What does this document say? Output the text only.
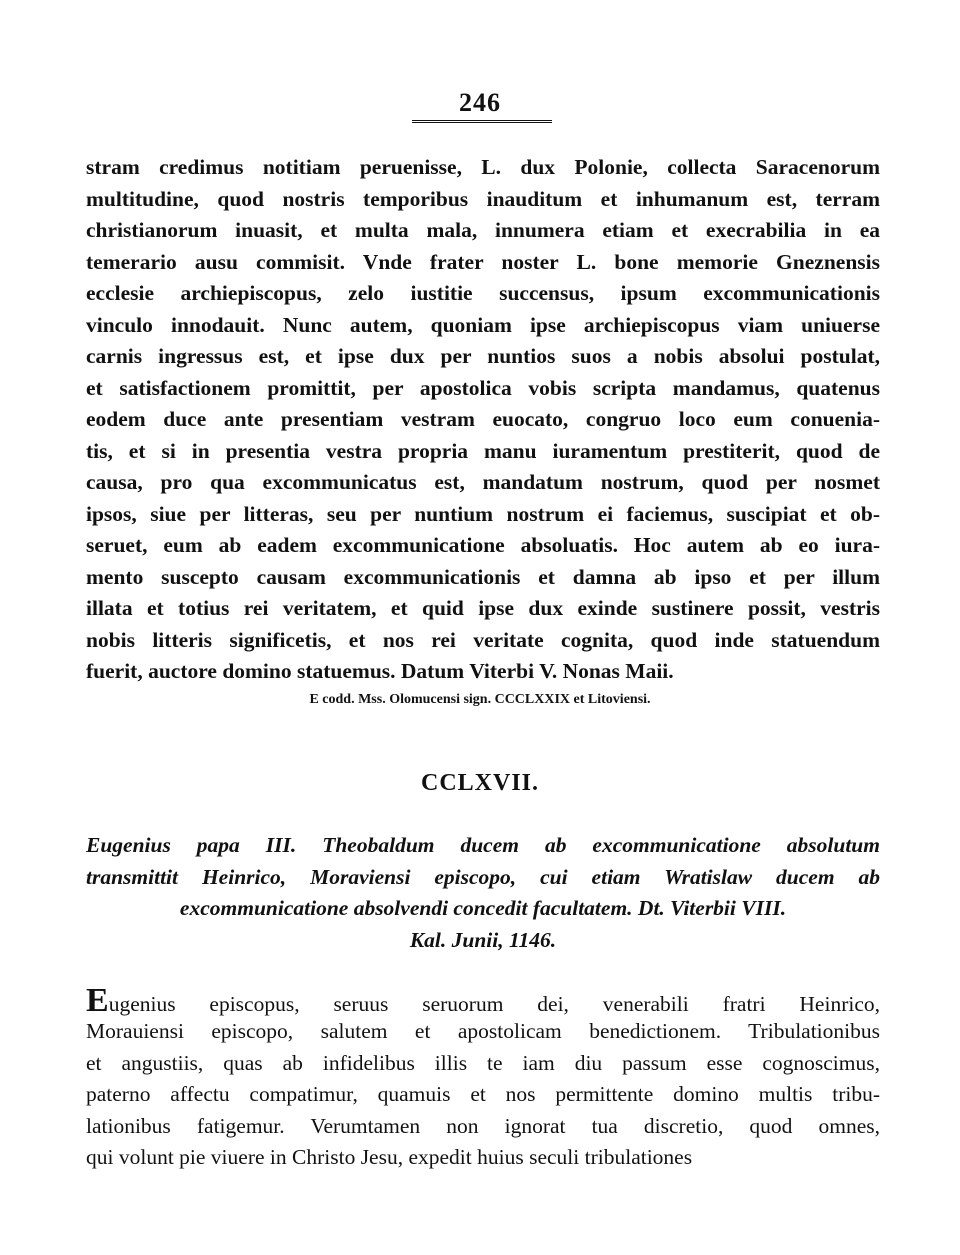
246
stram credimus notitiam peruenisse, L. dux Polonie, collecta Saracenorum
multitudine, quod nostris temporibus inauditum et inhumanum est, terram
christianorum inuasit, et multa mala, innumera etiam et execrabilia in ea
temerario ausu commisit. Vnde frater noster L. bone memorie Gneznensis
ecclesie archiepiscopus, zelo iustitie succensus, ipsum excommunicationis
vinculo innodauit. Nunc autem, quoniam ipse archiepiscopus viam uniuerse
carnis ingressus est, et ipse dux per nuntios suos a nobis absolui postulat,
et satisfactionem promittit, per apostolica vobis scripta mandamus, quatenus
eodem duce ante presentiam vestram euocato, congruo loco eum conuenia-
tis, et si in presentia vestra propria manu iuramentum prestiterit, quod de
causa, pro qua excommunicatus est, mandatum nostrum, quod per nosmet
ipsos, siue per litteras, seu per nuntium nostrum ei faciemus, suscipiat et ob-
seruet, eum ab eadem excommunicatione absoluatis. Hoc autem ab eo iura-
mento suscepto causam excommunicationis et damna ab ipso et per illum
illata et totius rei veritatem, et quid ipse dux exinde sustinere possit, vestris
nobis litteris significetis, et nos rei veritate cognita, quod inde statuendum
fuerit, auctore domino statuemus. Datum Viterbi V. Nonas Maii.
E codd. Mss. Olomucensi sign. CCCLXXIX et Litoviensi.
CCLXVII.
Eugenius papa III. Theobaldum ducem ab excommunicatione absolutum
transmittit Heinrico, Moraviensi episcopo, cui etiam Wratislaw ducem ab
excommunicatione absolvendi concedit facultatem. Dt. Viterbii VIII.
Kal. Junii, 1146.
Eugenius episcopus, seruus seruorum dei, venerabili fratri Heinrico,
Morauiensi episcopo, salutem et apostolicam benedictionem. Tribulationibus
et angustiis, quas ab infidelibus illis te iam diu passum esse cognoscimus,
paterno affectu compatimur, quamuis et nos permittente domino multis tribu-
lationibus fatigemur. Verumtamen non ignorat tua discretio, quod omnes,
qui volunt pie viuere in Christo Jesu, expedit huius seculi tribulationes
